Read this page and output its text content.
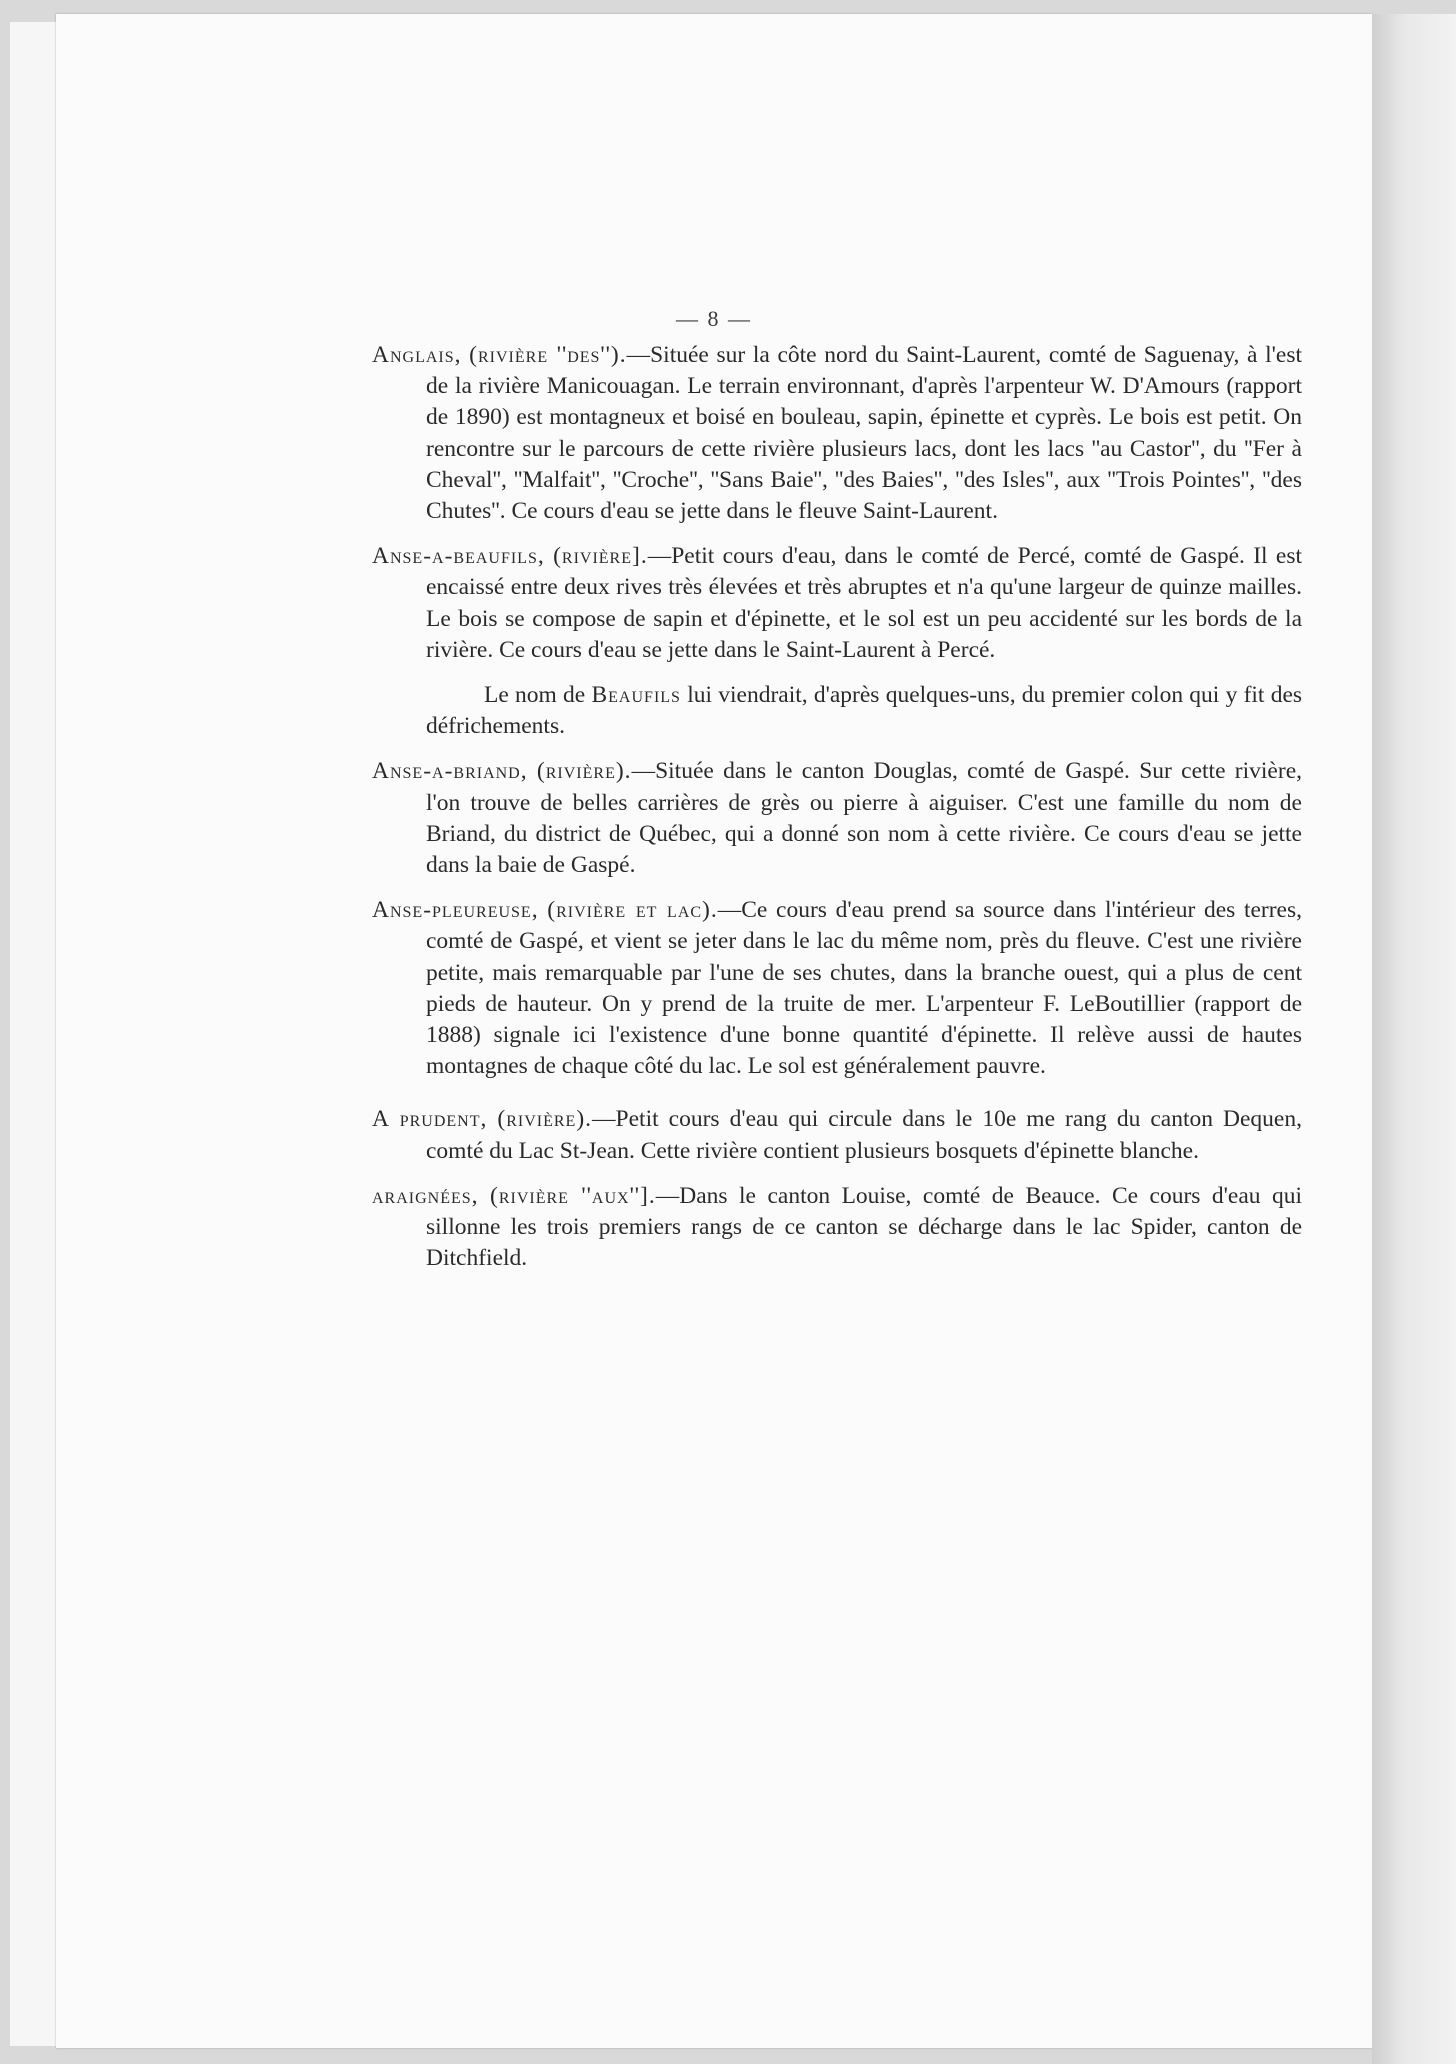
— 8 —

Anglais, (rivière ''des'').—Située sur la côte nord du Saint-Laurent, comté de Saguenay, à l'est de la rivière Manicouagan. Le terrain environnant, d'après l'arpenteur W. D'Amours (rapport de 1890) est montagneux et boisé en bouleau, sapin, épinette et cyprès. Le bois est petit. On rencontre sur le parcours de cette rivière plusieurs lacs, dont les lacs ''au Castor'', du ''Fer à Cheval'', ''Malfait'', ''Croche'', ''Sans Baie'', ''des Baies'', ''des Isles'', aux ''Trois Pointes'', ''des Chutes''. Ce cours d'eau se jette dans le fleuve Saint-Laurent.

Anse-a-beaufils, (rivière].—Petit cours d'eau, dans le comté de Percé, comté de Gaspé. Il est encaissé entre deux rives très élevées et très abruptes et n'a qu'une largeur de quinze mailles. Le bois se compose de sapin et d'épinette, et le sol est un peu accidenté sur les bords de la rivière. Ce cours d'eau se jette dans le Saint-Laurent à Percé.

Le nom de Beaufils lui viendrait, d'après quelques-uns, du premier colon qui y fit des défrichements.

Anse-a-briand, (rivière).—Située dans le canton Douglas, comté de Gaspé. Sur cette rivière, l'on trouve de belles carrières de grès ou pierre à aiguiser. C'est une famille du nom de Briand, du district de Québec, qui a donné son nom à cette rivière. Ce cours d'eau se jette dans la baie de Gaspé.

Anse-pleureuse, (rivière et lac).—Ce cours d'eau prend sa source dans l'intérieur des terres, comté de Gaspé, et vient se jeter dans le lac du même nom, près du fleuve. C'est une rivière petite, mais remarquable par l'une de ses chutes, dans la branche ouest, qui a plus de cent pieds de hauteur. On y prend de la truite de mer. L'arpenteur F. LeBoutillier (rapport de 1888) signale ici l'existence d'une bonne quantité d'épinette. Il relève aussi de hautes montagnes de chaque côté du lac. Le sol est généralement pauvre.

A prudent, (rivière).—Petit cours d'eau qui circule dans le 10e me rang du canton Dequen, comté du Lac St-Jean. Cette rivière contient plusieurs bosquets d'épinette blanche.

araignées, (rivière ''aux''].—Dans le canton Louise, comté de Beauce. Ce cours d'eau qui sillonne les trois premiers rangs de ce canton se décharge dans le lac Spider, canton de Ditchfield.
